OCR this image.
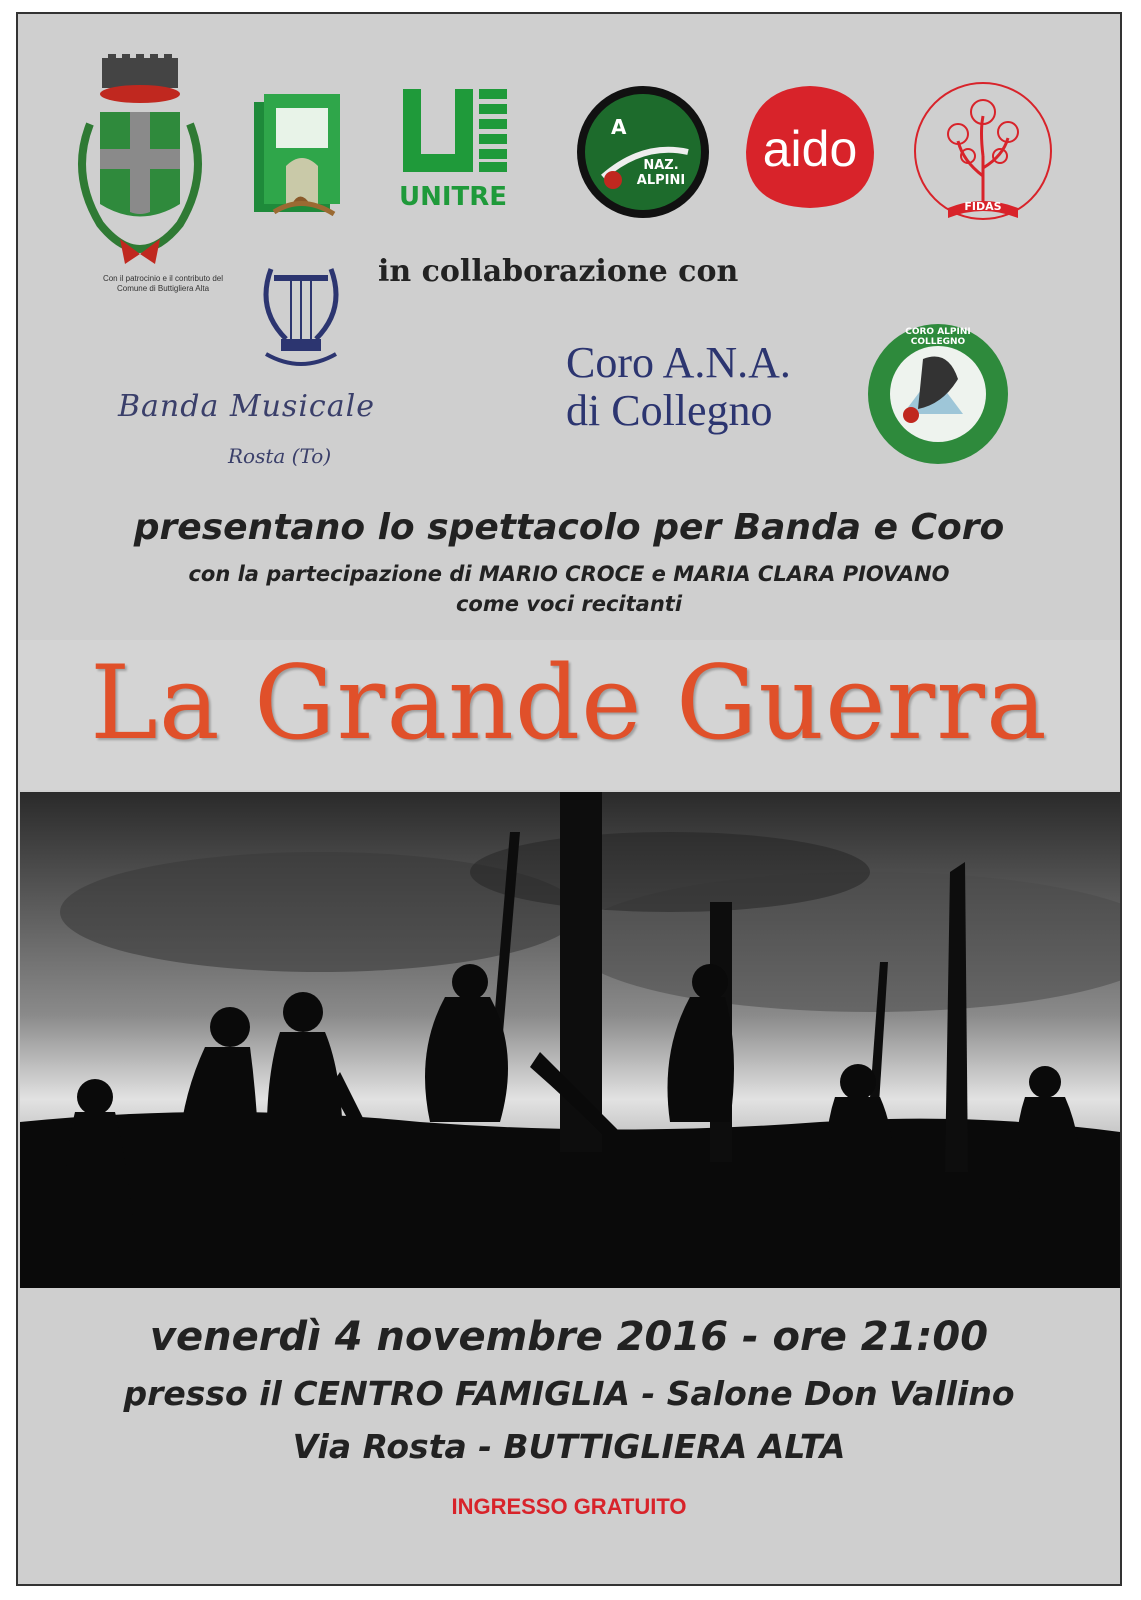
Con il patrocinio e il contributo del Comune di Buttigliera Alta
UNITRE
A
NAZ. ALPINI
aido
FIDAS
in collaborazione con
Banda Musicale
Rosta (To)
Coro A.N.A.
di Collegno
CORO ALPINI COLLEGNO
presentano lo spettacolo per Banda e Coro
con la partecipazione di MARIO CROCE e MARIA CLARA PIOVANO
come voci recitanti
La Grande Guerra
venerdì 4 novembre 2016 - ore 21:00
presso il CENTRO FAMIGLIA - Salone Don Vallino
Via Rosta - BUTTIGLIERA ALTA
INGRESSO GRATUITO
